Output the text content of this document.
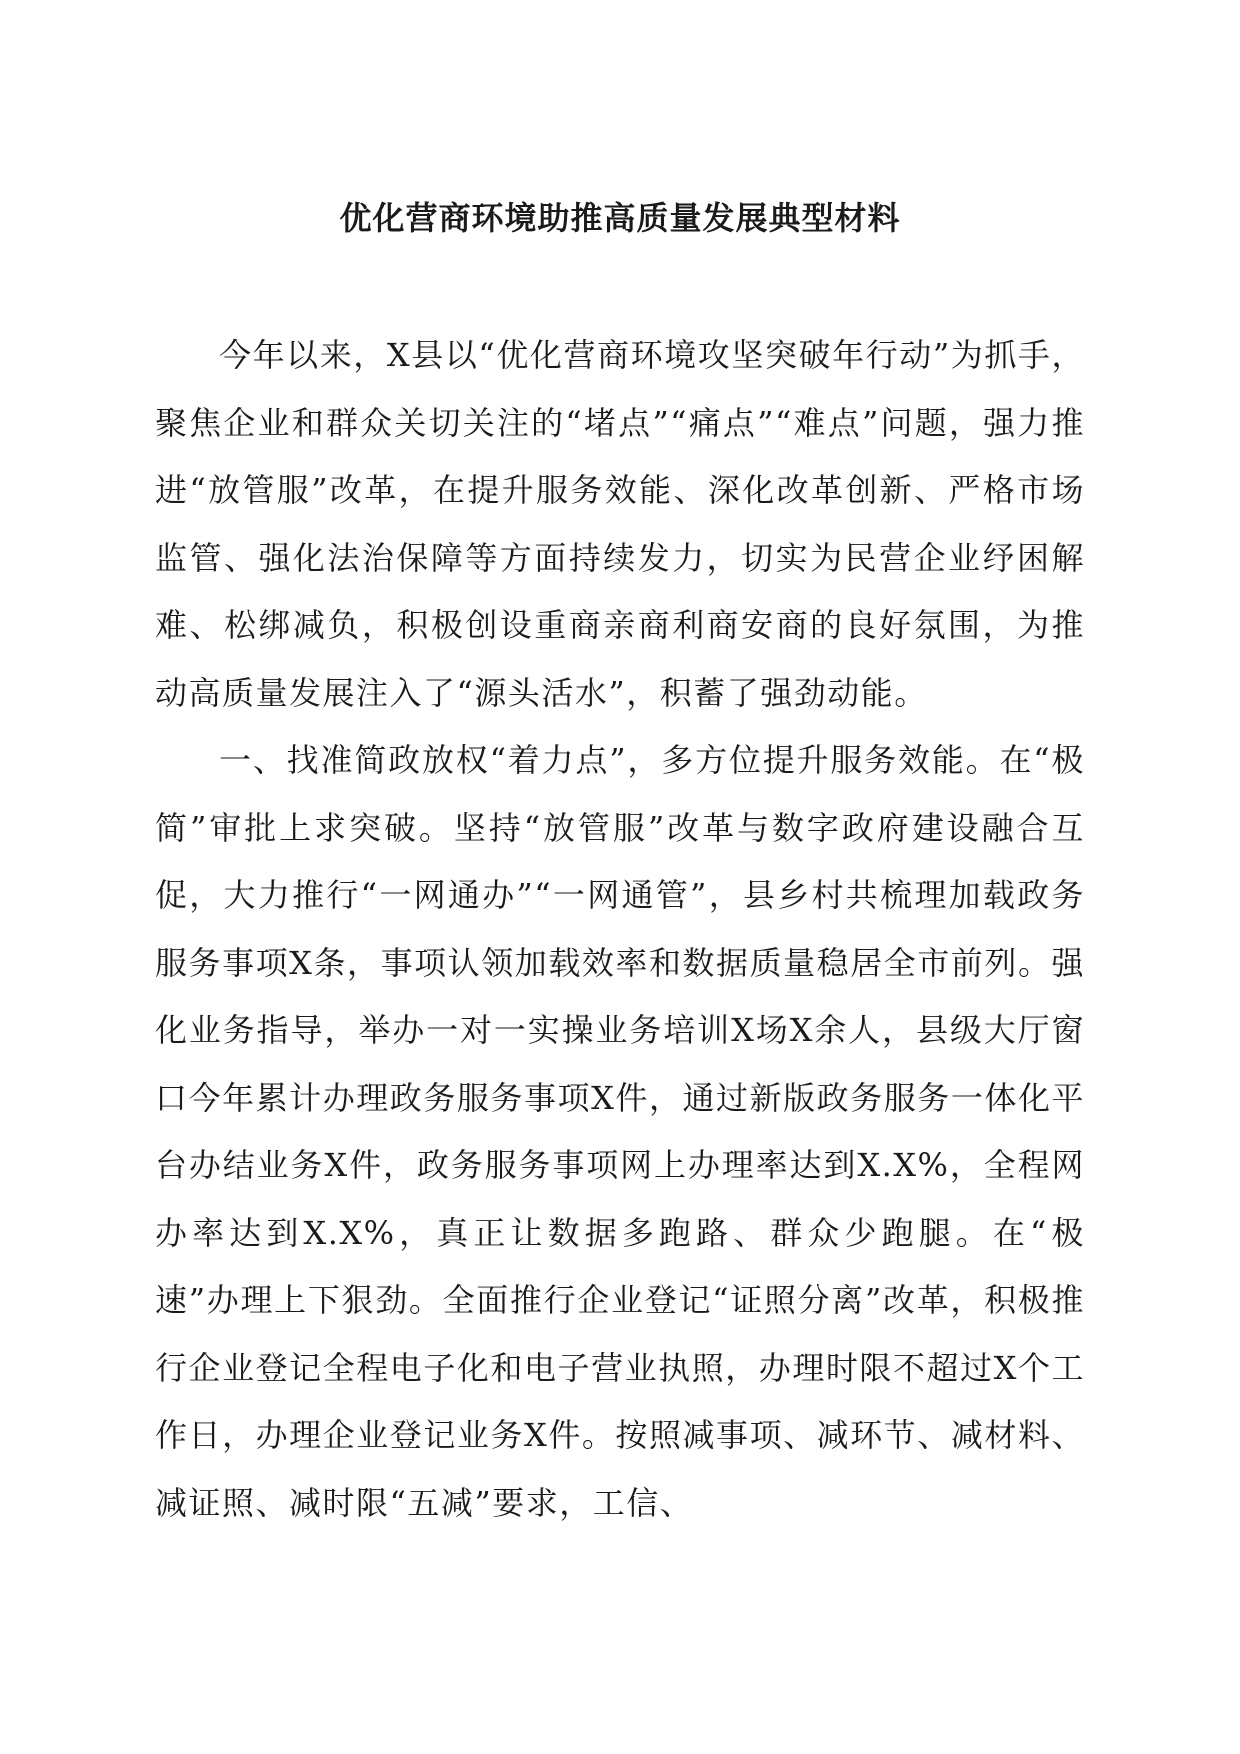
优化营商环境助推高质量发展典型材料

今年以来，X县以“优化营商环境攻坚突破年行动”为抓手，聚焦企业和群众关切关注的“堵点”“痛点”“难点”问题，强力推进“放管服”改革，在提升服务效能、深化改革创新、严格市场监管、强化法治保障等方面持续发力，切实为民营企业纾困解难、松绑减负，积极创设重商亲商利商安商的良好氛围，为推动高质量发展注入了“源头活水”，积蓄了强劲动能。

一、找准简政放权“着力点”，多方位提升服务效能。在“极简”审批上求突破。坚持“放管服”改革与数字政府建设融合互促，大力推行“一网通办”“一网通管”，县乡村共梳理加载政务服务事项X条，事项认领加载效率和数据质量稳居全市前列。强化业务指导，举办一对一实操业务培训X场X余人，县级大厅窗口今年累计办理政务服务事项X件，通过新版政务服务一体化平台办结业务X件，政务服务事项网上办理率达到X.X%，全程网办率达到X.X%，真正让数据多跑路、群众少跑腿。在“极速”办理上下狠劲。全面推行企业登记“证照分离”改革，积极推行企业登记全程电子化和电子营业执照，办理时限不超过X个工作日，办理企业登记业务X件。按照减事项、减环节、减材料、减证照、减时限“五减”要求，工信、
